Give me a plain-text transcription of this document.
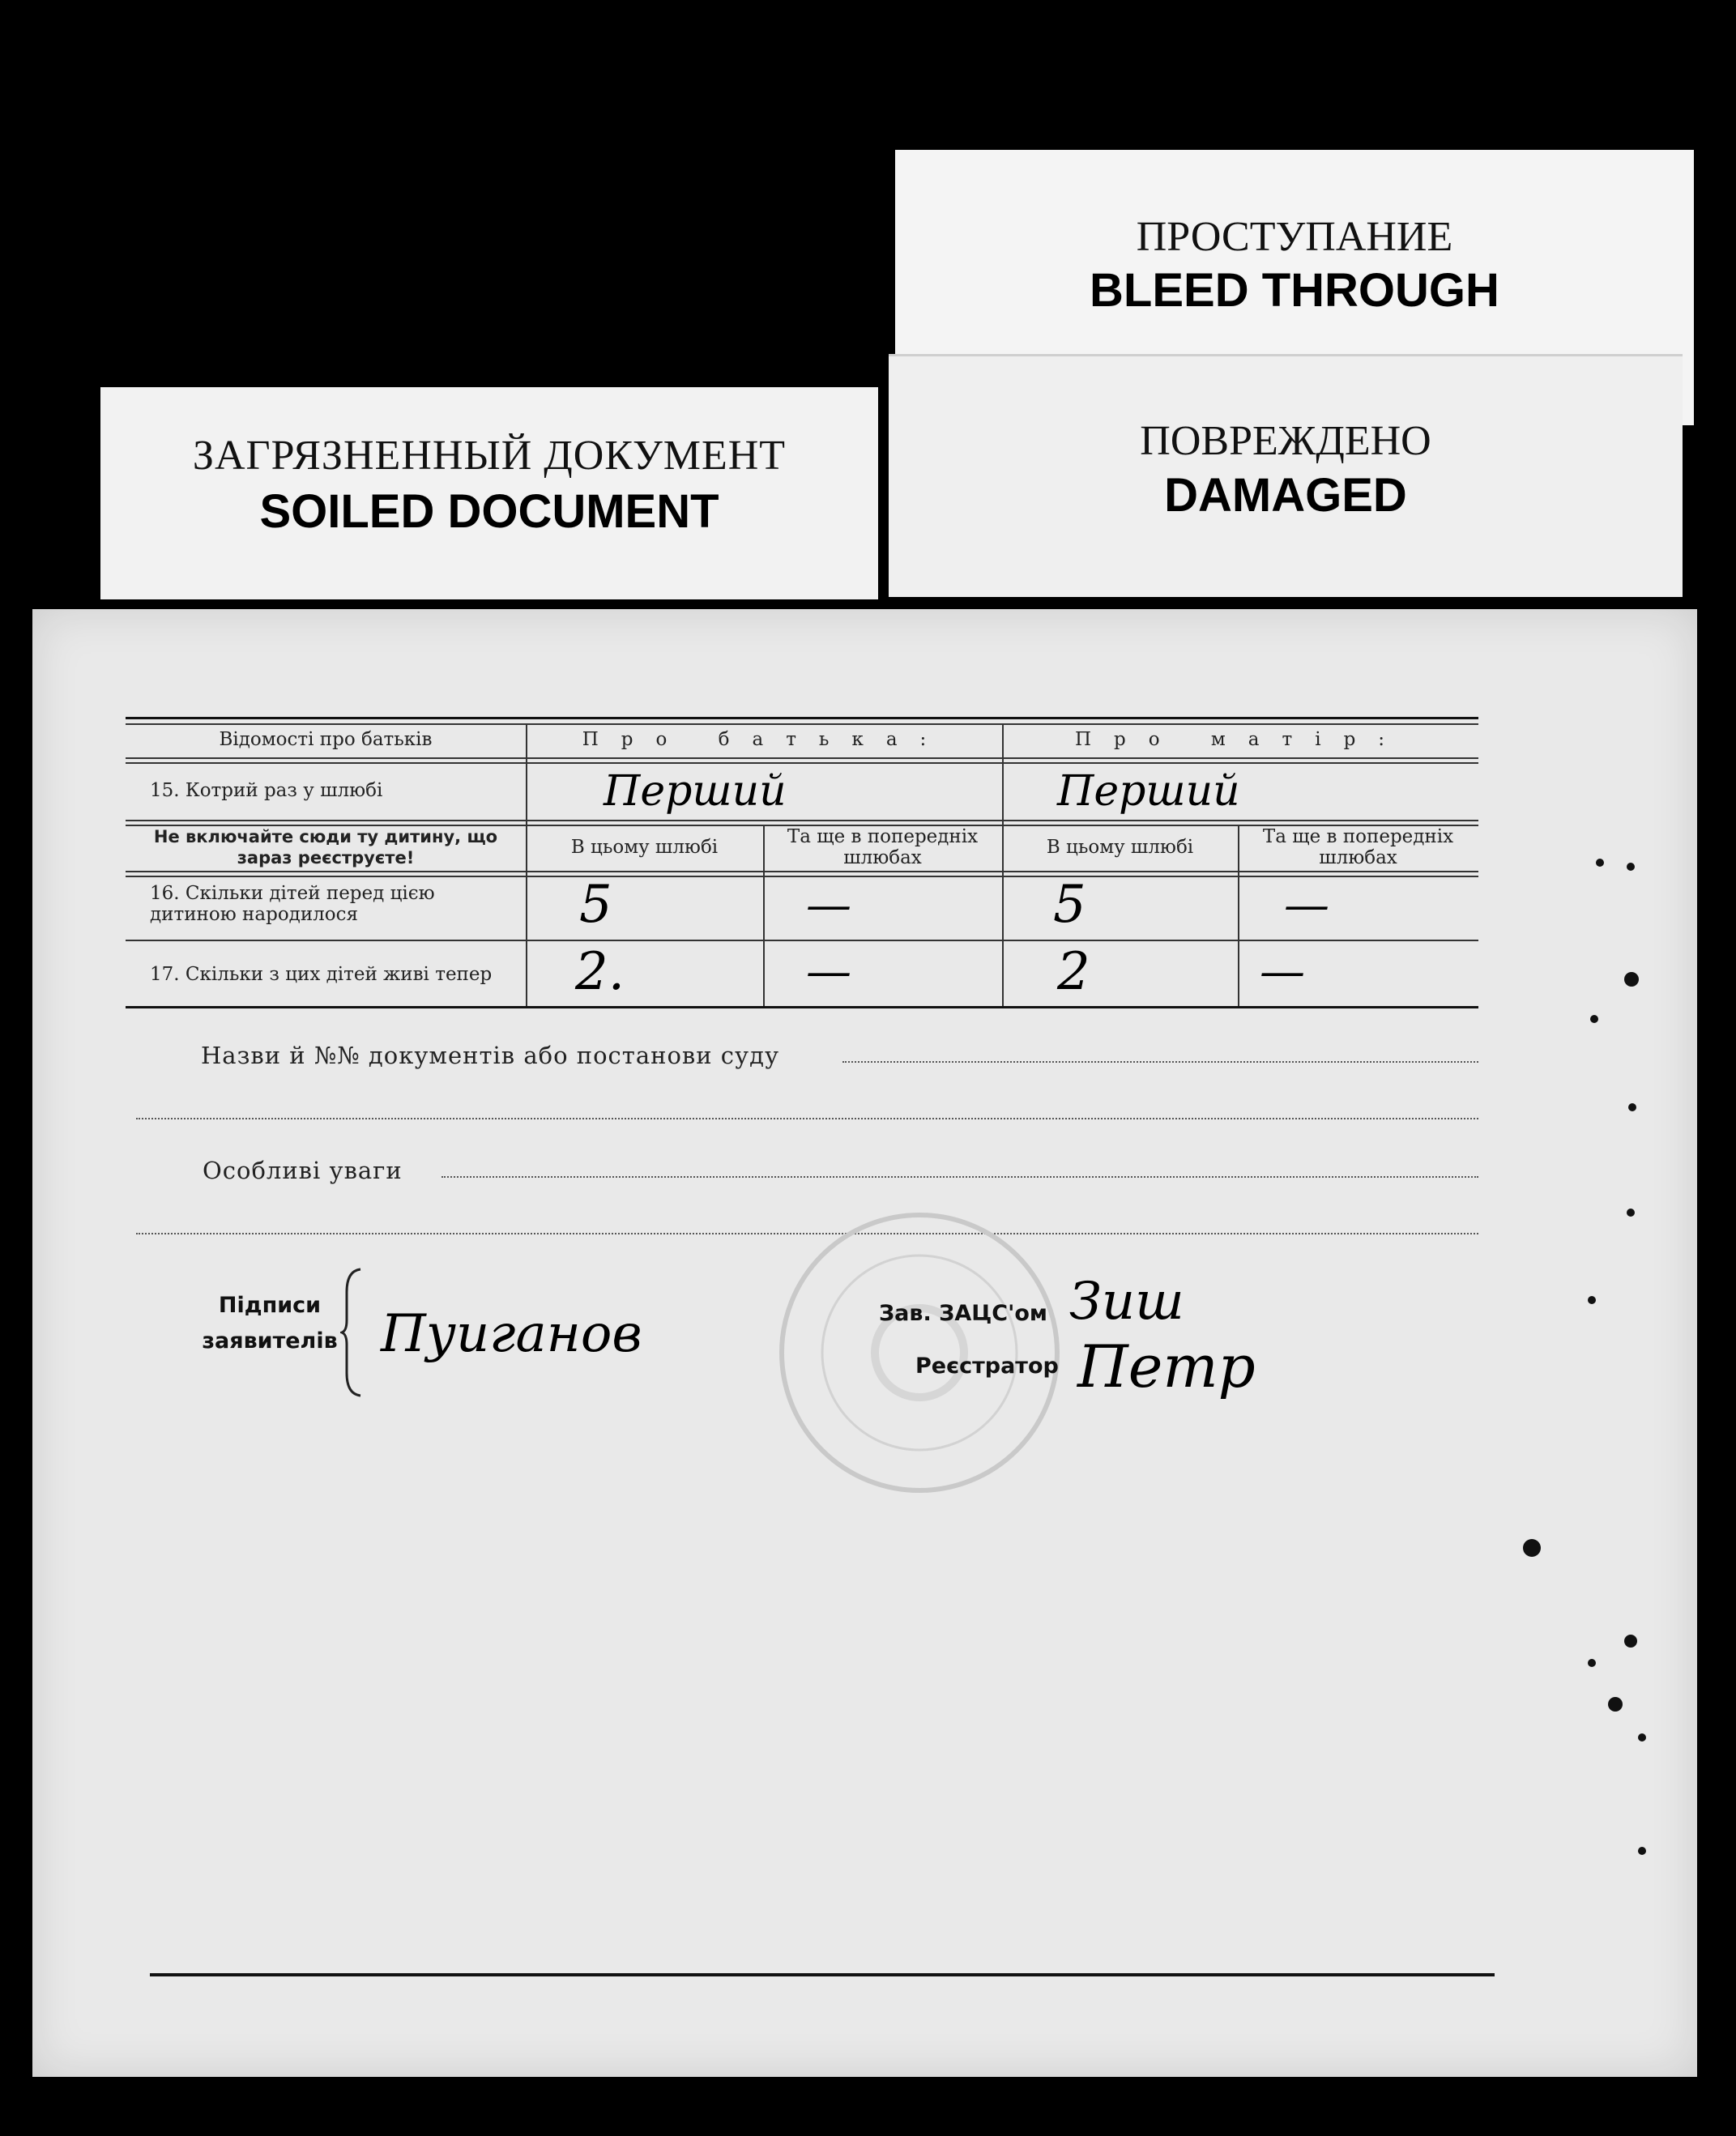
ПРОСТУПАНИЕ
BLEED THROUGH
ПОВРЕЖДЕНО
DAMAGED
ЗАГРЯЗНЕННЫЙ ДОКУМЕНТ
SOILED DOCUMENT
Відомості про батьків	Про батька:	Про матір:
15. Котрий раз у шлюбі	Перший	Перший
Не включайте сюди ту дитину, що зараз реєструєте!	В цьому шлюбі	Та ще в попередніх шлюбах	В цьому шлюбі	Та ще в попередніх шлюбах
16. Скільки дітей перед цією дитиною народилося	5	—	5	—
17. Скільки з цих дітей живі тепер	2.	—	2	—
Назви й №№ документів або постанови суду
Особливі уваги
Підписи заявителів Пуиганов	Зав. ЗАЦС'ом Зиш
Реєстратор Петр
